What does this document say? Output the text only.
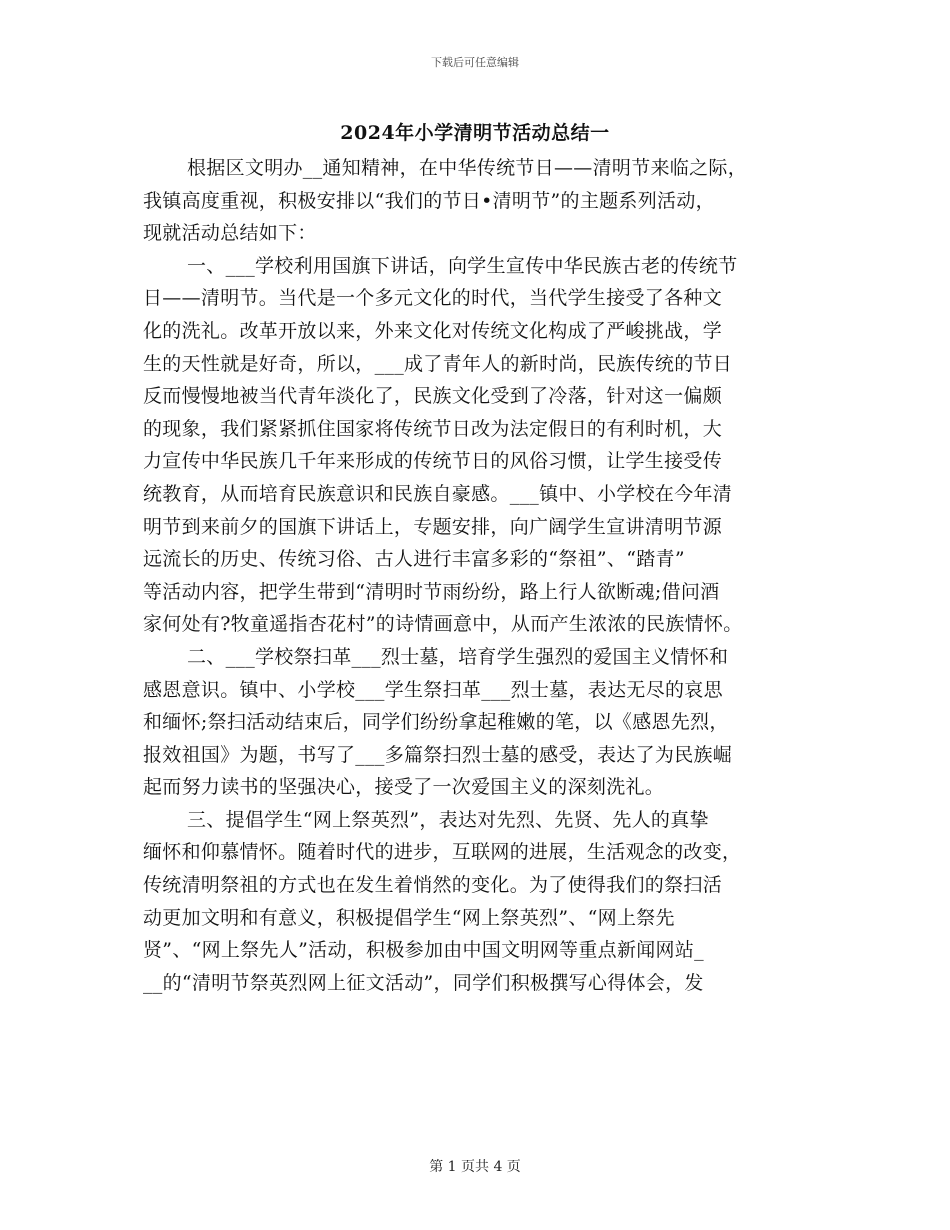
下载后可任意编辑
2024年小学清明节活动总结一
根据区文明办__通知精神，在中华传统节日——清明节来临之际，
我镇高度重视，积极安排以“我们的节日•清明节”的主题系列活动，
现就活动总结如下：
一、___学校利用国旗下讲话，向学生宣传中华民族古老的传统节
日——清明节。当代是一个多元文化的时代，当代学生接受了各种文
化的洗礼。改革开放以来，外来文化对传统文化构成了严峻挑战，学
生的天性就是好奇，所以，___成了青年人的新时尚，民族传统的节日
反而慢慢地被当代青年淡化了，民族文化受到了冷落，针对这一偏颇
的现象，我们紧紧抓住国家将传统节日改为法定假日的有利时机，大
力宣传中华民族几千年来形成的传统节日的风俗习惯，让学生接受传
统教育，从而培育民族意识和民族自豪感。___镇中、小学校在今年清
明节到来前夕的国旗下讲话上，专题安排，向广阔学生宣讲清明节源
远流长的历史、传统习俗、古人进行丰富多彩的“祭祖”、“踏青”
等活动内容，把学生带到“清明时节雨纷纷，路上行人欲断魂;借问酒
家何处有?牧童遥指杏花村”的诗情画意中，从而产生浓浓的民族情怀。
二、___学校祭扫革___烈士墓，培育学生强烈的爱国主义情怀和
感恩意识。镇中、小学校___学生祭扫革___烈士墓，表达无尽的哀思
和缅怀;祭扫活动结束后，同学们纷纷拿起稚嫩的笔，以《感恩先烈，
报效祖国》为题，书写了___多篇祭扫烈士墓的感受，表达了为民族崛
起而努力读书的坚强决心，接受了一次爱国主义的深刻洗礼。
三、提倡学生“网上祭英烈”，表达对先烈、先贤、先人的真挚
缅怀和仰慕情怀。随着时代的进步，互联网的进展，生活观念的改变，
传统清明祭祖的方式也在发生着悄然的变化。为了使得我们的祭扫活
动更加文明和有意义，积极提倡学生“网上祭英烈”、“网上祭先
贤”、“网上祭先人”活动，积极参加由中国文明网等重点新闻网站_
__的“清明节祭英烈网上征文活动”，同学们积极撰写心得体会，发
第 1 页共 4 页
